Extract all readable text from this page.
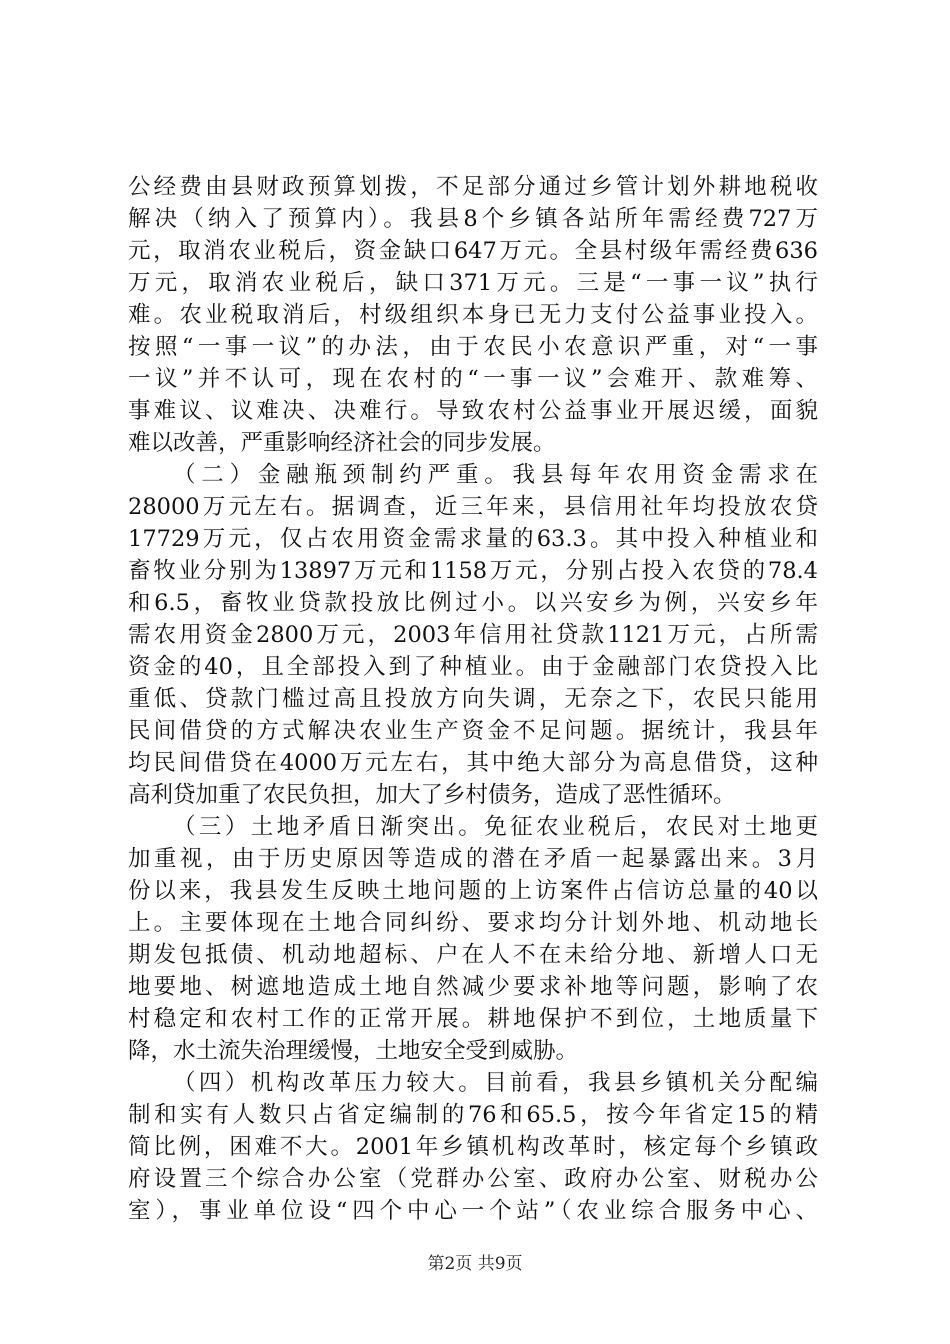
公经费由县财政预算划拨，不足部分通过乡管计划外耕地税收
解决（纳入了预算内）。我县8个乡镇各站所年需经费727万
元，取消农业税后，资金缺口647万元。全县村级年需经费636
万元，取消农业税后，缺口371万元。三是“一事一议”执行
难。农业税取消后，村级组织本身已无力支付公益事业投入。
按照“一事一议”的办法，由于农民小农意识严重，对“一事
一议”并不认可，现在农村的“一事一议”会难开、款难筹、
事难议、议难决、决难行。导致农村公益事业开展迟缓，面貌
难以改善，严重影响经济社会的同步发展。
（二）金融瓶颈制约严重。我县每年农用资金需求在
28000万元左右。据调查，近三年来，县信用社年均投放农贷
17729万元，仅占农用资金需求量的63.3。其中投入种植业和
畜牧业分别为13897万元和1158万元，分别占投入农贷的78.4
和6.5，畜牧业贷款投放比例过小。以兴安乡为例，兴安乡年
需农用资金2800万元，2003年信用社贷款1121万元，占所需
资金的40，且全部投入到了种植业。由于金融部门农贷投入比
重低、贷款门槛过高且投放方向失调，无奈之下，农民只能用
民间借贷的方式解决农业生产资金不足问题。据统计，我县年
均民间借贷在4000万元左右，其中绝大部分为高息借贷，这种
高利贷加重了农民负担，加大了乡村债务，造成了恶性循环。
（三）土地矛盾日渐突出。免征农业税后，农民对土地更
加重视，由于历史原因等造成的潜在矛盾一起暴露出来。3月
份以来，我县发生反映土地问题的上访案件占信访总量的40以
上。主要体现在土地合同纠纷、要求均分计划外地、机动地长
期发包抵债、机动地超标、户在人不在未给分地、新增人口无
地要地、树遮地造成土地自然减少要求补地等问题，影响了农
村稳定和农村工作的正常开展。耕地保护不到位，土地质量下
降，水土流失治理缓慢，土地安全受到威胁。
（四）机构改革压力较大。目前看，我县乡镇机关分配编
制和实有人数只占省定编制的76和65.5，按今年省定15的精
简比例，困难不大。2001年乡镇机构改革时，核定每个乡镇政
府设置三个综合办公室（党群办公室、政府办公室、财税办公
室），事业单位设“四个中心一个站”（农业综合服务中心、
第2页 共9页
